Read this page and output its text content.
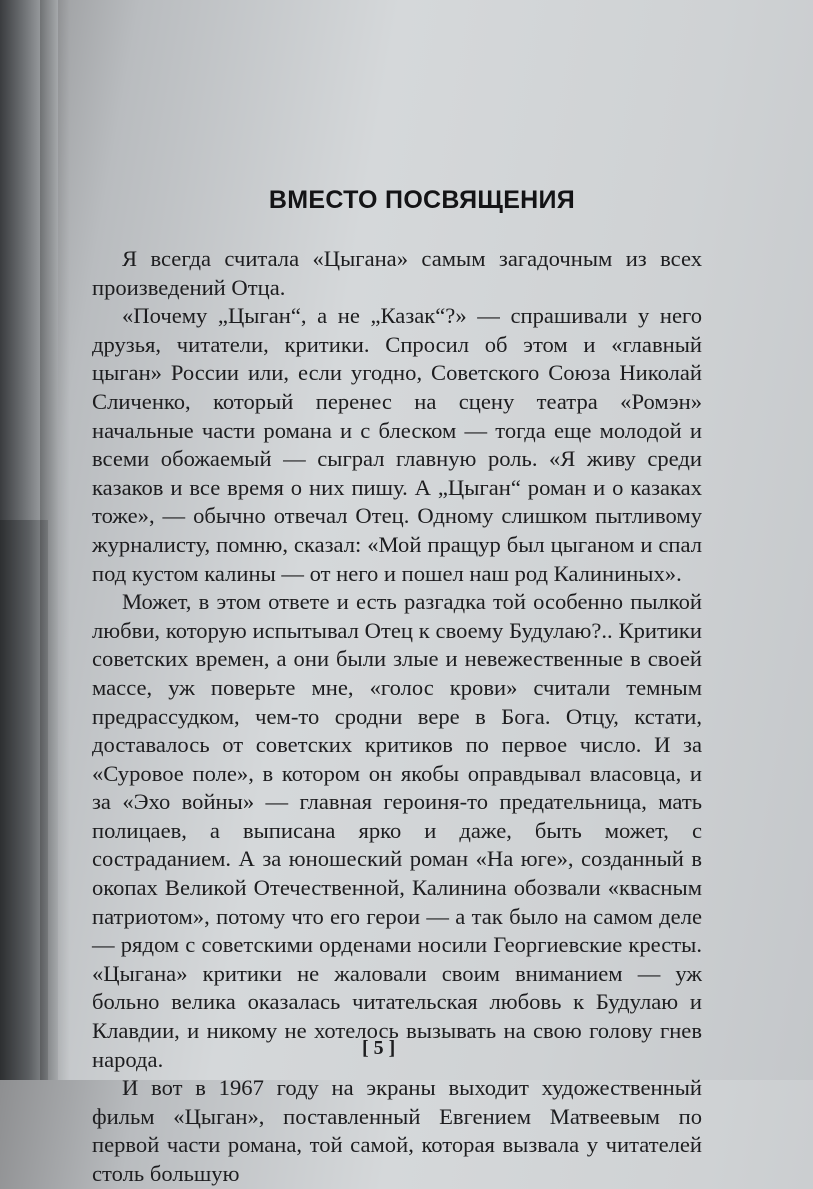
ВМЕСТО ПОСВЯЩЕНИЯ

Я всегда считала «Цыгана» самым загадочным из всех произведений Отца.

«Почему „Цыган“, а не „Казак“?» — спрашивали у него друзья, читатели, критики. Спросил об этом и «главный цыган» России или, если угодно, Советского Союза Николай Сличенко, который перенес на сцену театра «Ромэн» начальные части романа и с блеском — тогда еще молодой и всеми обожаемый — сыграл главную роль. «Я живу среди казаков и все время о них пишу. А „Цыган“ роман и о казаках тоже», — обычно отвечал Отец. Одному слишком пытливому журналисту, помню, сказал: «Мой пращур был цыганом и спал под кустом калины — от него и пошел наш род Калининых».

Может, в этом ответе и есть разгадка той особенно пылкой любви, которую испытывал Отец к своему Будулаю?.. Критики советских времен, а они были злые и невежественные в своей массе, уж поверьте мне, «голос крови» считали темным предрассудком, чем-то сродни вере в Бога. Отцу, кстати, доставалось от советских критиков по первое число. И за «Суровое поле», в котором он якобы оправдывал власовца, и за «Эхо войны» — главная героиня-то предательница, мать полицаев, а выписана ярко и даже, быть может, с состраданием. А за юношеский роман «На юге», созданный в окопах Великой Отечественной, Калинина обозвали «квасным патриотом», потому что его герои — а так было на самом деле — рядом с советскими орденами носили Георгиевские кресты. «Цыгана» критики не жаловали своим вниманием — уж больно велика оказалась читательская любовь к Будулаю и Клавдии, и никому не хотелось вызывать на свою голову гнев народа.

И вот в 1967 году на экраны выходит художественный фильм «Цыган», поставленный Евгением Матвеевым по первой части романа, той самой, которая вызвала у читателей столь большую

[ 5 ]
